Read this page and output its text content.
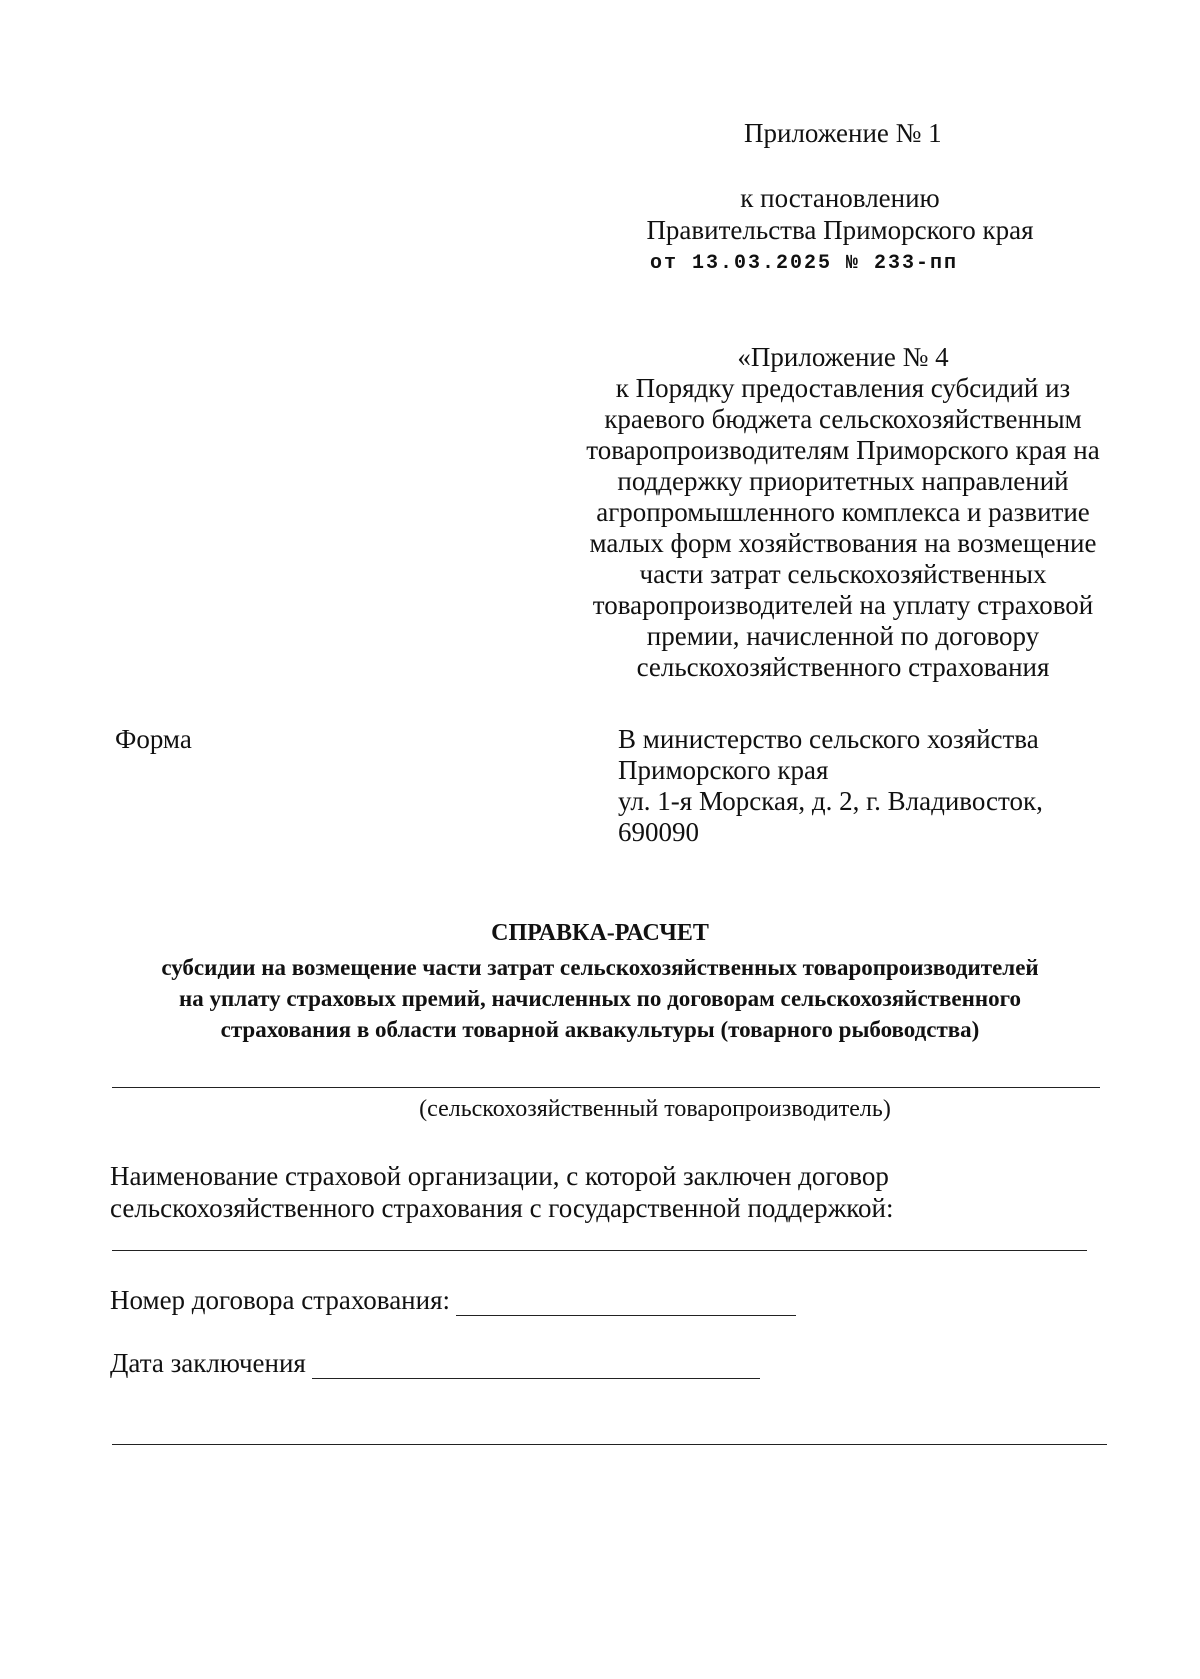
Приложение № 1
к постановлению
Правительства Приморского края
от 13.03.2025 № 233-пп
«Приложение № 4
к Порядку предоставления субсидий из краевого бюджета сельскохозяйственным товаропроизводителям Приморского края на поддержку приоритетных направлений агропромышленного комплекса и развитие малых форм хозяйствования на возмещение части затрат сельскохозяйственных товаропроизводителей на уплату страховой премии, начисленной по договору сельскохозяйственного страхования
Форма	В министерство сельского хозяйства
Приморского края
ул. 1-я Морская, д. 2, г. Владивосток,
690090
СПРАВКА-РАСЧЕТ
субсидии на возмещение части затрат сельскохозяйственных товаропроизводителей
на уплату страховых премий, начисленных по договорам сельскохозяйственного
страхования в области товарной аквакультуры (товарного рыбоводства)
(сельскохозяйственный товаропроизводитель)
Наименование страховой организации, с которой заключен договор сельскохозяйственного страхования с государственной поддержкой:
Номер договора страхования:
Дата заключения
